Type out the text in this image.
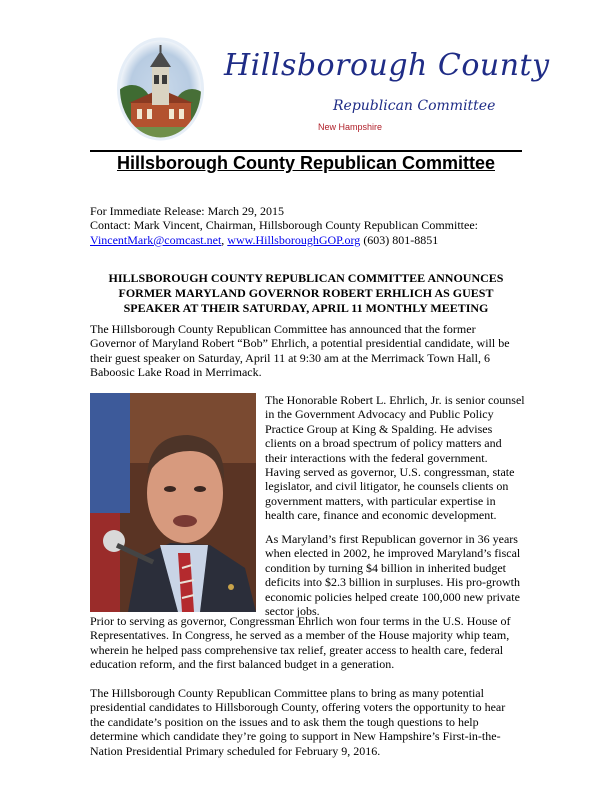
Hillsborough County
Republican Committee
New Hampshire
Hillsborough County Republican Committee
For Immediate Release: March 29, 2015
Contact: Mark Vincent, Chairman, Hillsborough County Republican Committee:
VincentMark@comcast.net, www.HillsboroughGOP.org (603) 801-8851
HILLSBOROUGH COUNTY REPUBLICAN COMMITTEE ANNOUNCES FORMER MARYLAND GOVERNOR ROBERT ERHLICH AS GUEST SPEAKER AT THEIR SATURDAY, APRIL 11 MONTHLY MEETING
The Hillsborough County Republican Committee has announced that the former Governor of Maryland Robert “Bob” Ehrlich, a potential presidential candidate, will be their guest speaker on Saturday, April 11 at 9:30 am at the Merrimack Town Hall, 6 Baboosic Lake Road in Merrimack.
The Honorable Robert L. Ehrlich, Jr. is senior counsel in the Government Advocacy and Public Policy Practice Group at King & Spalding. He advises clients on a broad spectrum of policy matters and their interactions with the federal government. Having served as governor, U.S. congressman, state legislator, and civil litigator, he counsels clients on government matters, with particular expertise in health care, finance and economic development.
As Maryland’s first Republican governor in 36 years when elected in 2002, he improved Maryland’s fiscal condition by turning $4 billion in inherited budget deficits into $2.3 billion in surpluses. His pro-growth economic policies helped create 100,000 new private sector jobs.
Prior to serving as governor, Congressman Ehrlich won four terms in the U.S. House of Representatives. In Congress, he served as a member of the House majority whip team, wherein he helped pass comprehensive tax relief, greater access to health care, federal education reform, and the first balanced budget in a generation.
The Hillsborough County Republican Committee plans to bring as many potential presidential candidates to Hillsborough County, offering voters the opportunity to hear the candidate’s position on the issues and to ask them the tough questions to help determine which candidate they’re going to support in New Hampshire’s First-in-the-Nation Presidential Primary scheduled for February 9, 2016.
